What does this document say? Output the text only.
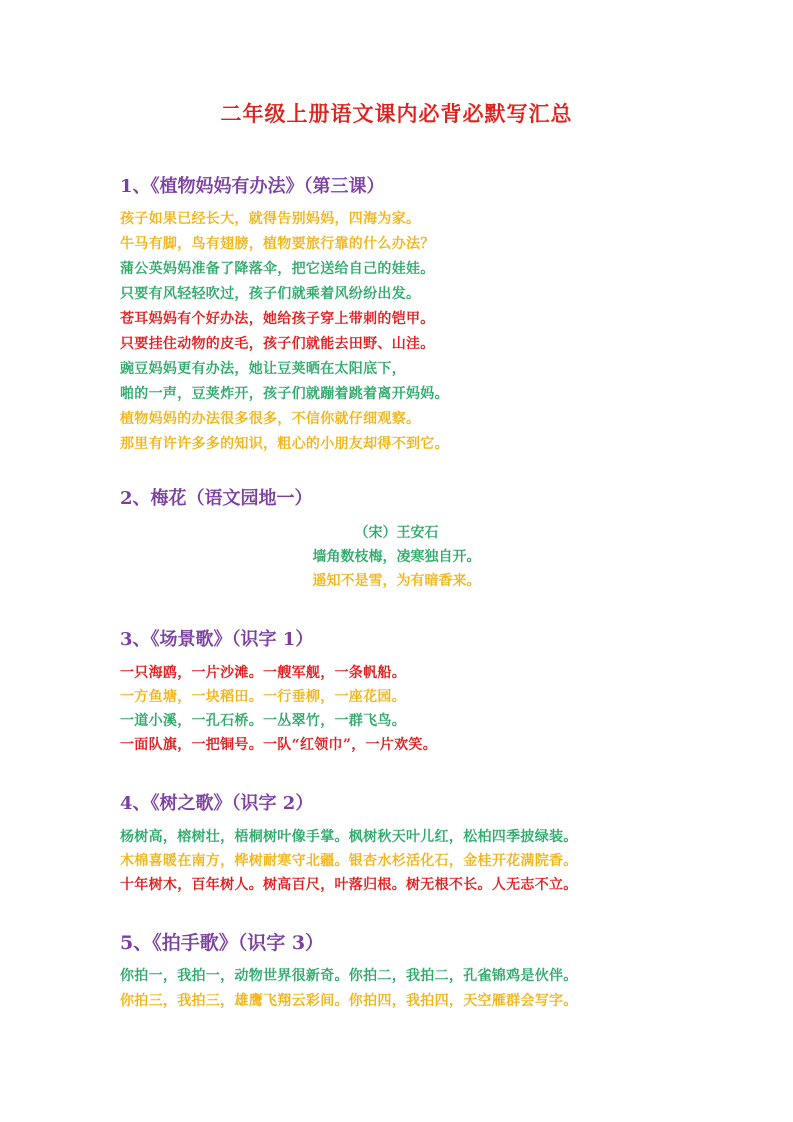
二年级上册语文课内必背必默写汇总
1、《植物妈妈有办法》（第三课）
孩子如果已经长大，就得告别妈妈，四海为家。
牛马有脚，鸟有翅膀，植物要旅行靠的什么办法？
蒲公英妈妈准备了降落伞，把它送给自己的娃娃。
只要有风轻轻吹过，孩子们就乘着风纷纷出发。
苍耳妈妈有个好办法，她给孩子穿上带刺的铠甲。
只要挂住动物的皮毛，孩子们就能去田野、山洼。
豌豆妈妈更有办法，她让豆荚晒在太阳底下，
啪的一声，豆荚炸开，孩子们就蹦着跳着离开妈妈。
植物妈妈的办法很多很多，不信你就仔细观察。
那里有许许多多的知识，粗心的小朋友却得不到它。
2、梅花（语文园地一）
（宋）王安石
墙角数枝梅，凌寒独自开。
遥知不是雪，为有暗香来。
3、《场景歌》（识字 1）
一只海鸥，一片沙滩。一艘军舰，一条帆船。
一方鱼塘，一块稻田。一行垂柳，一座花园。
一道小溪，一孔石桥。一丛翠竹，一群飞鸟。
一面队旗，一把铜号。一队“红领巾”，一片欢笑。
4、《树之歌》（识字 2）
杨树高，榕树壮，梧桐树叶像手掌。枫树秋天叶儿红，松柏四季披绿装。
木棉喜暖在南方，桦树耐寒守北疆。银杏水杉活化石，金桂开花满院香。
十年树木，百年树人。树高百尺，叶落归根。树无根不长。人无志不立。
5、《拍手歌》（识字 3）
你拍一，我拍一，动物世界很新奇。你拍二，我拍二，孔雀锦鸡是伙伴。
你拍三，我拍三，雄鹰飞翔云彩间。你拍四，我拍四，天空雁群会写字。
